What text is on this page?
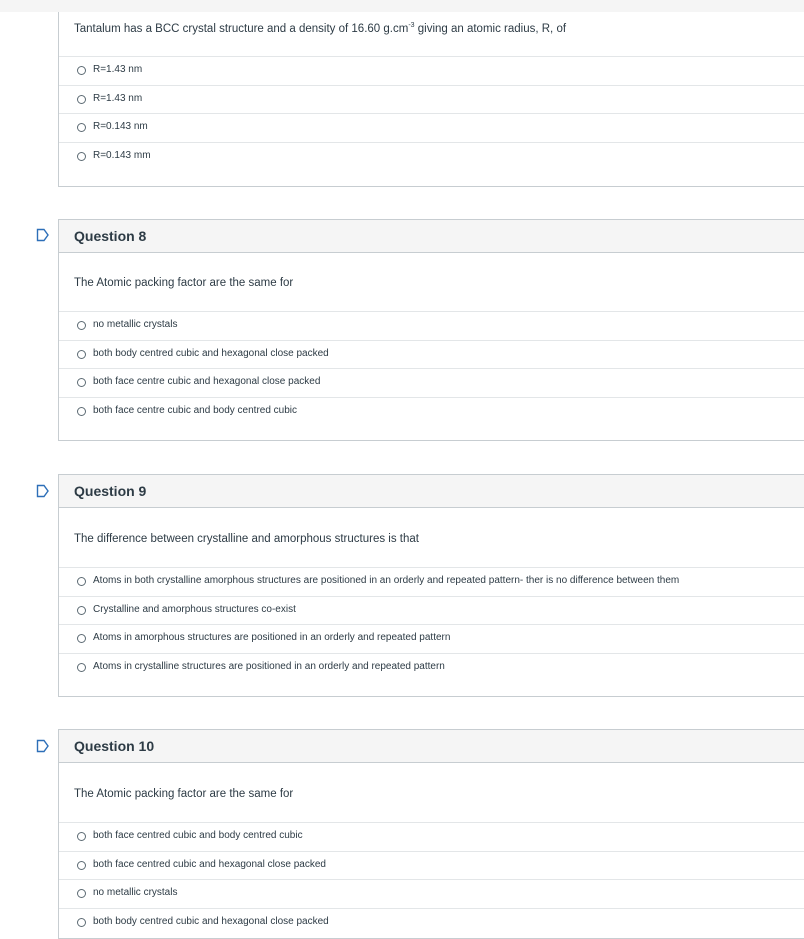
Tantalum has a BCC crystal structure and a density of 16.60 $g.cm^{-3}$ giving an atomic radius, R, of
R=1.43 nm
R=1.43 nm
R=0.143 nm
R=0.143 mm
Question 8
The Atomic packing factor are the same for
no metallic crystals
both body centred cubic and hexagonal close packed
both face centre cubic and hexagonal close packed
both face centre cubic and body centred cubic
Question 9
The difference between crystalline and amorphous structures is that
Atoms in both crystalline amorphous structures are positioned in an orderly and repeated pattern- ther is no difference between them
Crystalline and amorphous structures co-exist
Atoms in amorphous structures are positioned in an orderly and repeated pattern
Atoms in crystalline structures are positioned in an orderly and repeated pattern
Question 10
The Atomic packing factor are the same for
both face centred cubic and body centred cubic
both face centred cubic and hexagonal close packed
no metallic crystals
both body centred cubic and hexagonal close packed
